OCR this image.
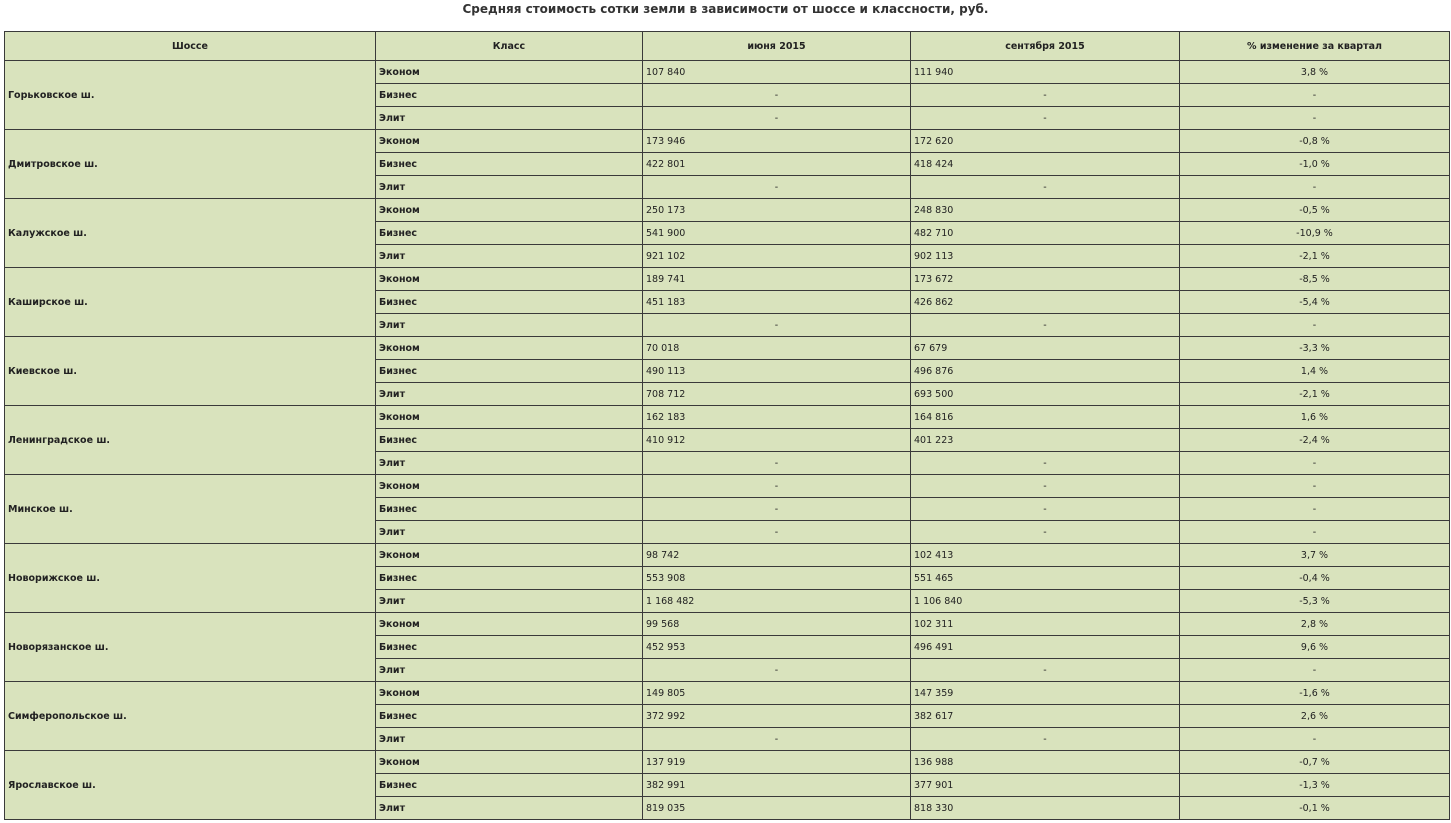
Средняя стоимость сотки земли в зависимости от шоссе и классности, руб.
Шоссе	Класс	июня 2015	сентября 2015	% изменение за квартал
Горьковское ш.	Эконом	107 840	111 940	3,8 %
	Бизнес	-	-	-
	Элит	-	-	-
Дмитровское ш.	Эконом	173 946	172 620	-0,8 %
	Бизнес	422 801	418 424	-1,0 %
	Элит	-	-	-
Калужское ш.	Эконом	250 173	248 830	-0,5 %
	Бизнес	541 900	482 710	-10,9 %
	Элит	921 102	902 113	-2,1 %
Каширское ш.	Эконом	189 741	173 672	-8,5 %
	Бизнес	451 183	426 862	-5,4 %
	Элит	-	-	-
Киевское ш.	Эконом	70 018	67 679	-3,3 %
	Бизнес	490 113	496 876	1,4 %
	Элит	708 712	693 500	-2,1 %
Ленинградское ш.	Эконом	162 183	164 816	1,6 %
	Бизнес	410 912	401 223	-2,4 %
	Элит	-	-	-
Минское ш.	Эконом	-	-	-
	Бизнес	-	-	-
	Элит	-	-	-
Новорижское ш.	Эконом	98 742	102 413	3,7 %
	Бизнес	553 908	551 465	-0,4 %
	Элит	1 168 482	1 106 840	-5,3 %
Новорязанское ш.	Эконом	99 568	102 311	2,8 %
	Бизнес	452 953	496 491	9,6 %
	Элит	-	-	-
Симферопольское ш.	Эконом	149 805	147 359	-1,6 %
	Бизнес	372 992	382 617	2,6 %
	Элит	-	-	-
Ярославское ш.	Эконом	137 919	136 988	-0,7 %
	Бизнес	382 991	377 901	-1,3 %
	Элит	819 035	818 330	-0,1 %
